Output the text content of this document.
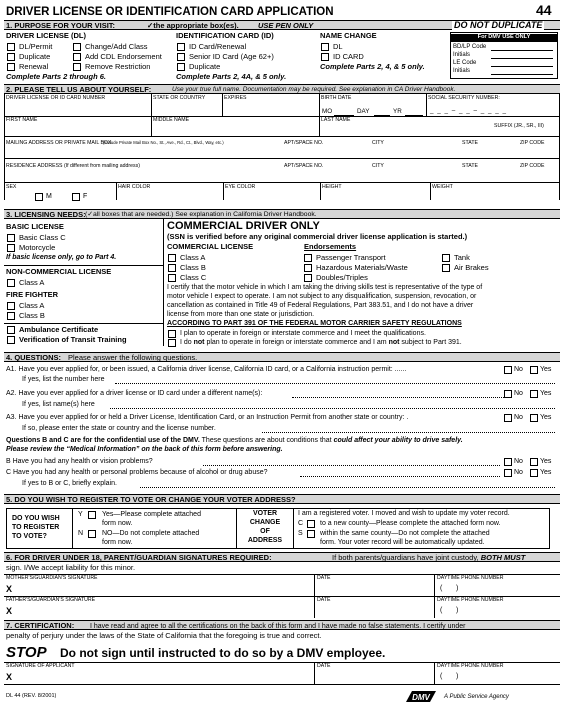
DRIVER LICENSE OR IDENTIFICATION CARD APPLICATION	44
1. PURPOSE FOR YOUR VISIT:	✓the appropriate box(es).	USE PEN ONLY	DO NOT DUPLICATE
DRIVER LICENSE (DL)
DL/Permit
Duplicate
Renewal
Change/Add Class
Add CDL Endorsement
Remove Restriction
Complete Parts 2 through 6.
IDENTIFICATION CARD (ID)
ID Card/Renewal
Senior ID Card (Age 62+)
Duplicate
Complete Parts 2, 4A, & 5 only.
NAME CHANGE
DL
ID CARD
Complete Parts 2, 4, & 5 only.
For DMV USE ONLY
BD/LP Code
Initials
LE Code
Initials
2. PLEASE TELL US ABOUT YOURSELF:	Use your true full name. Documentation may be required. See explanation in CA Driver Handbook.
DRIVER LICENSE OR ID CARD NUMBER	STATE OR COUNTRY	EXPIRES	BIRTH DATE	SOCIAL SECURITY NUMBER:
MO	DAY	YR	_ _ _ – _ _ – _ _ _ _
FIRST NAME	MIDDLE NAME	LAST NAME
SUFFIX (JR., SR., III)
MAILING ADDRESS OR PRIVATE MAIL BOX
(Include Private Mail Box No., St., Ave., Rd., Ct., Blvd., Way, etc.)	APT/SPACE NO.	CITY	STATE	ZIP CODE
RESIDENCE ADDRESS (If different from mailing address)	APT/SPACE NO.	CITY	STATE	ZIP CODE
SEX
M	F
HAIR COLOR	EYE COLOR	HEIGHT	WEIGHT
3. LICENSING NEEDS: (✓all boxes that are needed.) See explanation in California Driver Handbook.
BASIC LICENSE
Basic Class C
Motorcycle
If basic license only, go to Part 4.
NON-COMMERCIAL LICENSE
Class A
FIRE FIGHTER
Class A
Class B
Ambulance Certificate
Verification of Transit Training
COMMERCIAL DRIVER ONLY
(SSN is verified before any original commercial driver license application is started.)
COMMERCIAL LICENSE
Class A
Class B
Class C
Endorsements
Passenger Transport
Hazardous Materials/Waste
Doubles/Triples
Tank
Air Brakes
I certify that the motor vehicle in which I am taking the driving skills test is representative of the type of
motor vehicle I expect to operate. I am not subject to any disqualification, suspension, revocation, or
cancellation as contained in Title 49 of Federal Regulations, Part 383.51, and I do not have a driver
license from more than one state or jurisdiction.
ACCORDING TO PART 391 OF THE FEDERAL MOTOR CARRIER SAFETY REGULATIONS
I plan to operate in foreign or interstate commerce and I meet the qualifications.
I do not plan to operate in foreign or interstate commerce and I am not subject to Part 391.
4. QUESTIONS: Please answer the following questions.
A1. Have you ever applied for, or been issued, a California driver license, California ID card, or a California instruction permit: ......
If yes, list the number here
A2. Have you ever applied for a driver license or ID card under a different name(s):
If yes, list name(s) here
A3. Have you ever applied for or held a Driver License, Identification Card, or an Instruction Permit from another state or country: .
If so, please enter the state or country and the license number.
No Yes
No Yes
No Yes
Questions B and C are for the confidential use of the DMV. These questions are about conditions that could affect your ability to drive safely.
Please review the “Medical Information” on the back of this form before answering.
B Have you had any health or vision problems?	No Yes
C Have you had any health or personal problems because of alcohol or drug abuse?	No Yes
If yes to B or C, briefly explain.
5. DO YOU WISH TO REGISTER TO VOTE OR CHANGE YOUR VOTER ADDRESS?
DO YOU WISH
TO REGISTER
TO VOTE?
Y	Yes—Please complete attached
form now.
N	NO—Do not complete attached
form now.
VOTER
CHANGE
OF
ADDRESS
I am a registered voter. I moved and wish to update my voter record.
C to a new county—Please complete the attached form now.
S within the same county—Do not complete the attached
form. Your voter record will be automatically updated.
6. FOR DRIVER UNDER 18, PARENT/GUARDIAN SIGNATURES REQUIRED:	If both parents/guardians have joint custody, BOTH MUST
sign. I/We accept liability for this minor.
MOTHER'S/GUARDIAN'S SIGNATURE
X
DATE	DAYTIME PHONE NUMBER
(       )
FATHER'S/GUARDIAN'S SIGNATURE
X
DATE	DAYTIME PHONE NUMBER
(       )
7. CERTIFICATION: I have read and agree to all the certifications on the back of this form and I have made no false statements. I certify under
penalty of perjury under the laws of the State of California that the foregoing is true and correct.
STOP Do not sign until instructed to do so by a DMV employee.
SIGNATURE OF APPLICANT
X
DATE	DAYTIME PHONE NUMBER
(       )
DL 44 (REV. 8/2001)	DMV A Public Service Agency
